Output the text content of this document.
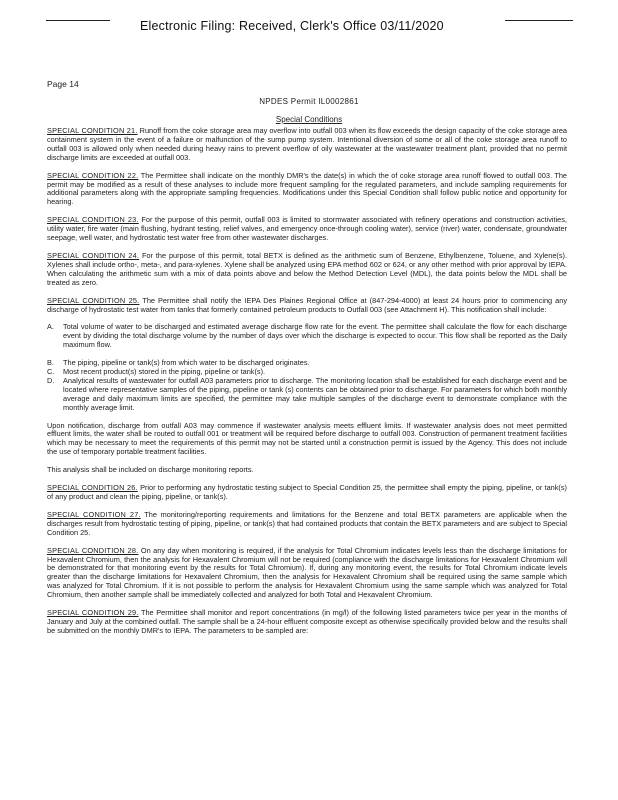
Electronic Filing: Received, Clerk's Office 03/11/2020
Page 14
NPDES Permit IL0002861
Special Conditions

SPECIAL CONDITION 21. Runoff from the coke storage area may overflow into outfall 003 when its flow exceeds the design capacity of the coke storage area containment system in the event of a failure or malfunction of the sump pump system. Intentional diversion of some or all of the coke storage area runoff to outfall 003 is allowed only when needed during heavy rains to prevent overflow of oily wastewater at the wastewater treatment plant, provided that no permit discharge limits are exceeded at outfall 003.

SPECIAL CONDITION 22. The Permittee shall indicate on the monthly DMR's the date(s) in which the of coke storage area runoff flowed to outfall 003. The permit may be modified as a result of these analyses to include more frequent sampling for the regulated parameters, and include sampling requirements for additional parameters along with the appropriate sampling frequencies. Modifications under this Special Condition shall follow public notice and opportunity for hearing.

SPECIAL CONDITION 23. For the purpose of this permit, outfall 003 is limited to stormwater associated with refinery operations and construction activities, utility water, fire water (main flushing, hydrant testing, relief valves, and emergency once-through cooling water), service (river) water, condensate, groundwater seepage, well water, and hydrostatic test water free from other wastewater discharges.

SPECIAL CONDITION 24. For the purpose of this permit, total BETX is defined as the arithmetic sum of Benzene, Ethylbenzene, Toluene, and Xylene(s). Xylenes shall include ortho-, meta-, and para-xylenes. Xylene shall be analyzed using EPA method 602 or 624, or any other method with prior approval by IEPA. When calculating the arithmetic sum with a mix of data points above and below the Method Detection Level (MDL), the data points below the MDL shall be treated as zero.

SPECIAL CONDITION 25. The Permittee shall notify the IEPA Des Plaines Regional Office at (847-294-4000) at least 24 hours prior to commencing any discharge of hydrostatic test water from tanks that formerly contained petroleum products to Outfall 003 (see Attachment H). This notification shall include:

A.	Total volume of water to be discharged and estimated average discharge flow rate for the event. The permittee shall calculate the flow for each discharge event by dividing the total discharge volume by the number of days over which the discharge is expected to occur. This flow shall be reported as the Daily maximum flow.
B.	The piping, pipeline or tank(s) from which water to be discharged originates.
C.	Most recent product(s) stored in the piping, pipeline or tank(s).
D.	Analytical results of wastewater for outfall A03 parameters prior to discharge. The monitoring location shall be established for each discharge event and be located where representative samples of the piping, pipeline or tank (s) contents can be obtained prior to discharge. For parameters for which both monthly average and daily maximum limits are specified, the permittee may take multiple samples of the discharge event to demonstrate compliance with the monthly average limit.

Upon notification, discharge from outfall A03 may commence if wastewater analysis meets effluent limits. If wastewater analysis does not meet permitted effluent limits, the water shall be routed to outfall 001 or treatment will be required before discharge to outfall 003. Construction of permanent treatment facilities which may be necessary to meet the requirements of this permit may not be started until a construction permit is issued by the Agency. This does not include the use of temporary portable treatment facilities.

This analysis shall be included on discharge monitoring reports.

SPECIAL CONDITION 26. Prior to performing any hydrostatic testing subject to Special Condition 25, the permittee shall empty the piping, pipeline, or tank(s) of any product and clean the piping, pipeline, or tank(s).

SPECIAL CONDITION 27. The monitoring/reporting requirements and limitations for the Benzene and total BETX parameters are applicable when the discharges result from hydrostatic testing of piping, pipeline, or tank(s) that had contained products that contain the BETX parameters and are subject to Special Condition 25.

SPECIAL CONDITION 28. On any day when monitoring is required, if the analysis for Total Chromium indicates levels less than the discharge limitations for Hexavalent Chromium, then the analysis for Hexavalent Chromium will not be required (compliance with the discharge limitations for Hexavalent Chromium will be demonstrated for that monitoring event by the results for Total Chromium). If, during any monitoring event, the results for Total Chromium indicate levels greater than the discharge limitations for Hexavalent Chromium, then the analysis for Hexavalent Chromium shall be required using the same sample which was analyzed for Total Chromium. If it is not possible to perform the analysis for Hexavalent Chromium using the same sample which was analyzed for Total Chromium, then another sample shall be immediately collected and analyzed for both Total and Hexavalent Chromium.

SPECIAL CONDITION 29. The Permittee shall monitor and report concentrations (in mg/l) of the following listed parameters twice per year in the months of January and July at the combined outfall. The sample shall be a 24-hour effluent composite except as otherwise specifically provided below and the results shall be submitted on the monthly DMR's to IEPA. The parameters to be sampled are:
